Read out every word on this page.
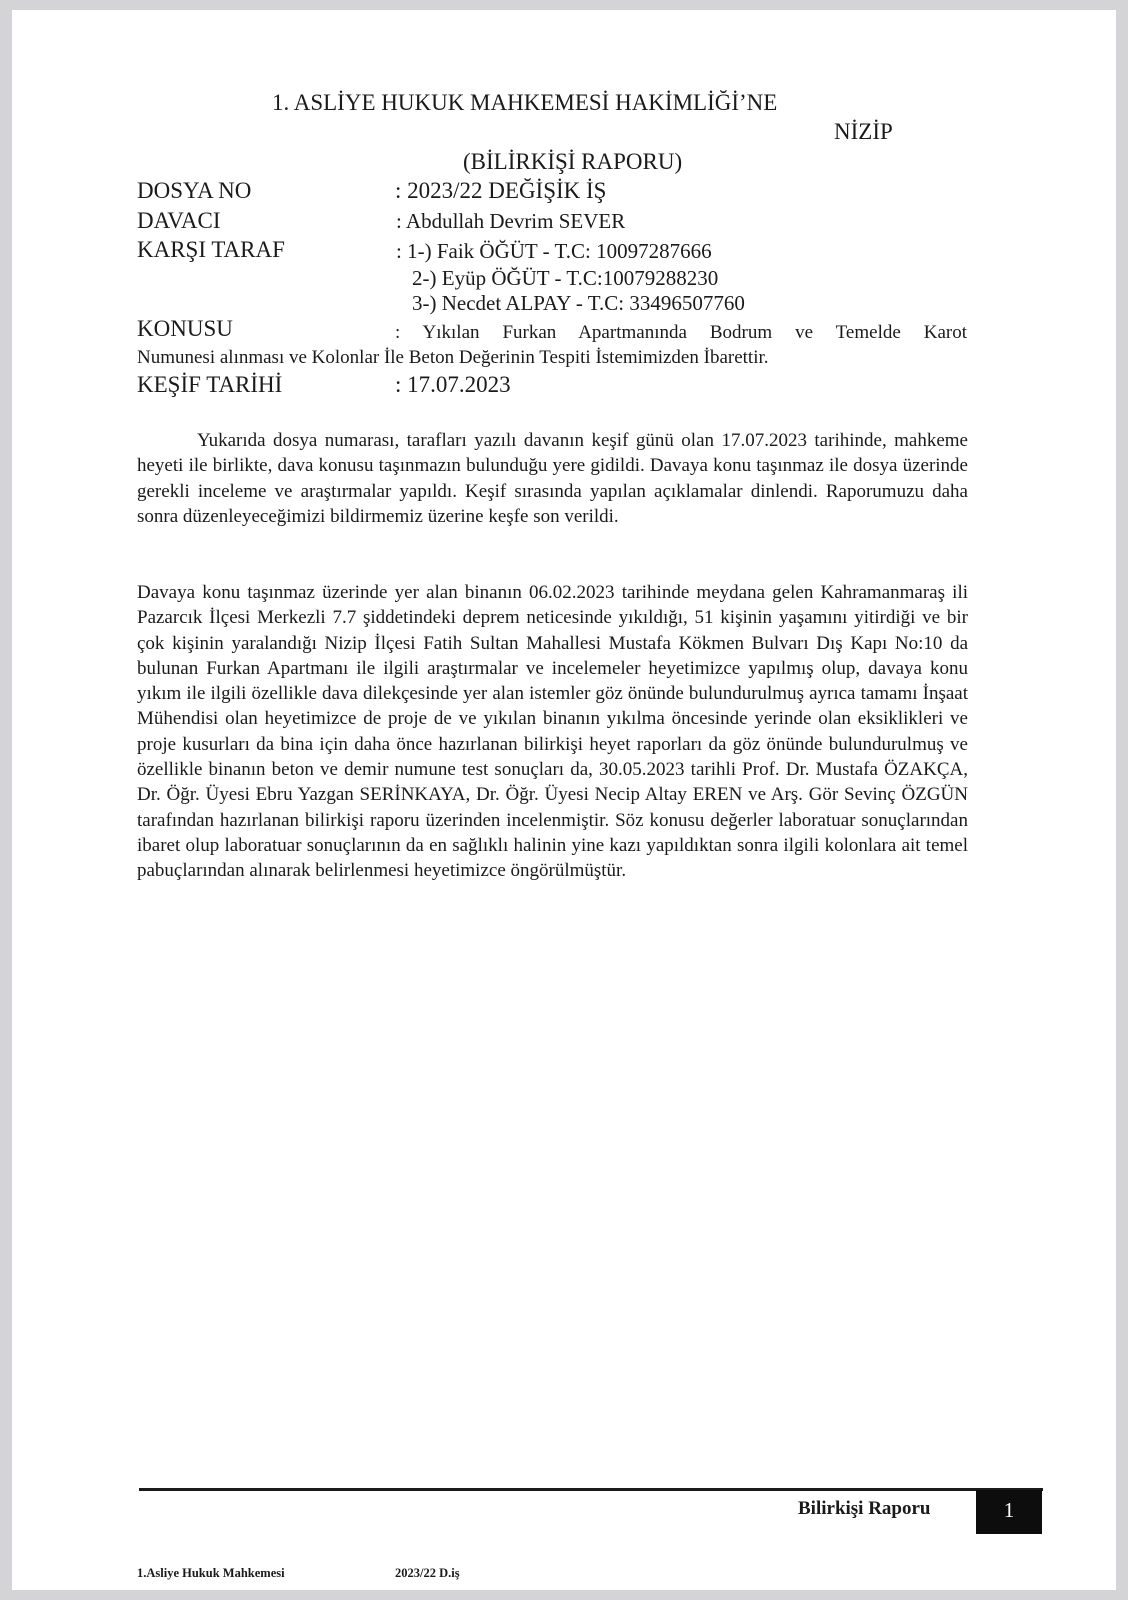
1. ASLİYE HUKUK MAHKEMESİ HAKİMLİĞİ’NE
NİZİP
(BİLİRKİŞİ RAPORU)
DOSYA NO	: 2023/22 DEĞİŞİK İŞ
DAVACI	: Abdullah Devrim SEVER
KARŞI TARAF	: 1-) Faik ÖĞÜT - T.C: 10097287666
2-) Eyüp ÖĞÜT - T.C:10079288230
3-) Necdet ALPAY - T.C: 33496507760
KONUSU	: Yıkılan Furkan Apartmanında Bodrum ve Temelde Karot
Numunesi alınması ve Kolonlar İle Beton Değerinin Tespiti İstemimizden İbarettir.
KEŞİF TARİHİ	: 17.07.2023
Yukarıda dosya numarası, tarafları yazılı davanın keşif günü olan 17.07.2023 tarihinde, mahkeme heyeti ile birlikte, dava konusu taşınmazın bulunduğu yere gidildi. Davaya konu taşınmaz ile dosya üzerinde gerekli inceleme ve araştırmalar yapıldı. Keşif sırasında yapılan açıklamalar dinlendi. Raporumuzu daha sonra düzenleyeceğimizi bildirmemiz üzerine keşfe son verildi.
Davaya konu taşınmaz üzerinde yer alan binanın 06.02.2023 tarihinde meydana gelen Kahramanmaraş ili Pazarcık İlçesi Merkezli 7.7 şiddetindeki deprem neticesinde yıkıldığı, 51 kişinin yaşamını yitirdiği ve bir çok kişinin yaralandığı Nizip İlçesi Fatih Sultan Mahallesi Mustafa Kökmen Bulvarı Dış Kapı No:10 da bulunan Furkan Apartmanı ile ilgili araştırmalar ve incelemeler heyetimizce yapılmış olup, davaya konu yıkım ile ilgili özellikle dava dilekçesinde yer alan istemler göz önünde bulundurulmuş ayrıca tamamı İnşaat Mühendisi olan heyetimizce de proje de ve yıkılan binanın yıkılma öncesinde yerinde olan eksiklikleri ve proje kusurları da bina için daha önce hazırlanan bilirkişi heyet raporları da göz önünde bulundurulmuş ve özellikle binanın beton ve demir numune test sonuçları da, 30.05.2023 tarihli Prof. Dr. Mustafa ÖZAKÇA, Dr. Öğr. Üyesi Ebru Yazgan SERİNKAYA, Dr. Öğr. Üyesi Necip Altay EREN ve Arş. Gör Sevinç ÖZGÜN tarafından hazırlanan bilirkişi raporu üzerinden incelenmiştir. Söz konusu değerler laboratuar sonuçlarından ibaret olup laboratuar sonuçlarının da en sağlıklı halinin yine kazı yapıldıktan sonra ilgili kolonlara ait temel pabuçlarından alınarak belirlenmesi heyetimizce öngörülmüştür.
Bilirkişi Raporu	1
1.Asliye Hukuk Mahkemesi	2023/22 D.iş
